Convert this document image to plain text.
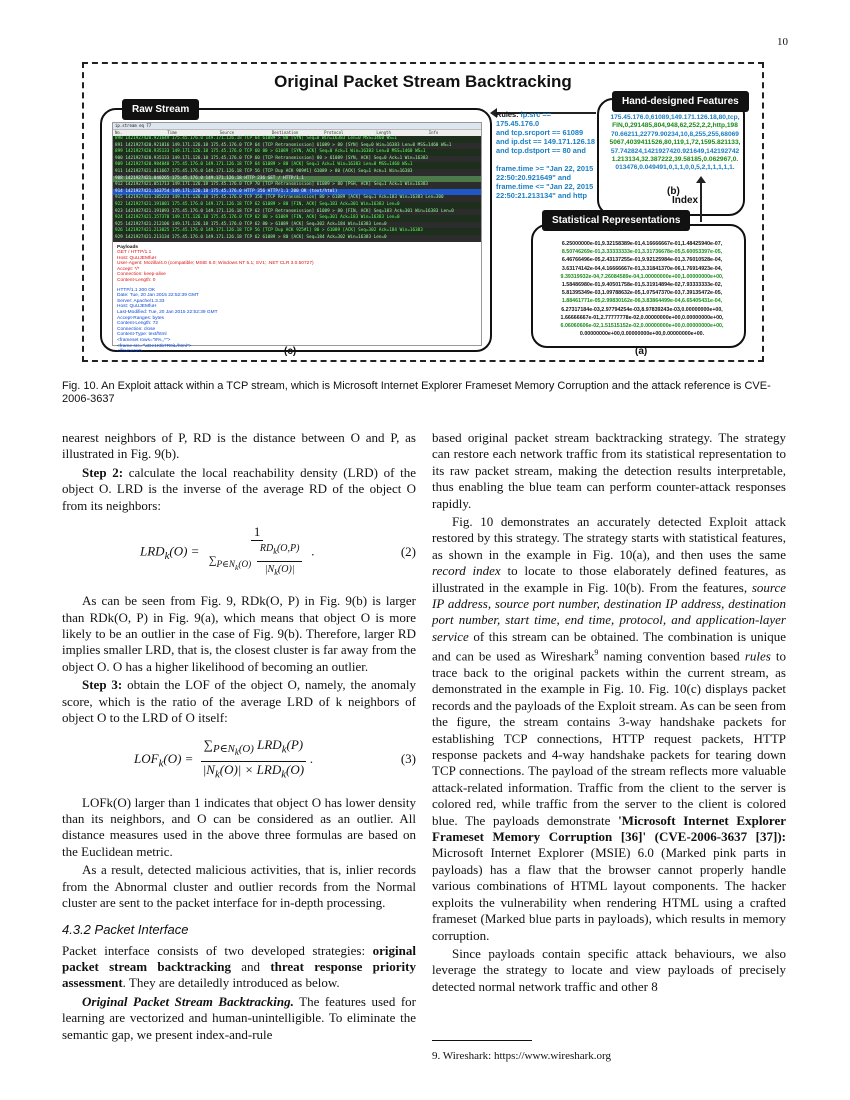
10
Original Packet Stream Backtracking
ip.stream eq 77
No.	Time	Source	Destination	Protocol	Length	Info
890 1421927420.921649 175.45.176.0 149.171.126.18 TCP 64 61089 > 80 [SYN] Seq=0 Win=16383 Len=0 MSS=1460 WS=1
891 1421927420.921816 149.171.126.18 175.45.176.0 TCP 64 [TCP Retransmission] 61089 > 80 [SYN] Seq=0 Win=16383 Len=0 MSS=1460 WS=1
899 1421927420.935133 149.171.126.18 175.45.176.0 TCP 60 80 > 61089 [SYN, ACK] Seq=0 Ack=1 Win=16383 Len=0 MSS=1460 WS=1
900 1421927420.935133 149.171.126.18 175.45.176.0 TCP 60 [TCP Retransmission] 80 > 61089 [SYN, ACK] Seq=0 Ack=1 Win=16383
909 1421927420.984840 175.45.176.0 149.171.126.18 TCP 64 61089 > 80 [ACK] Seq=1 Ack=1 Win=16383 Len=0 MSS=1460 WS=1
911 1421927421.011667 175.45.176.0 149.171.126.18 TCP 56 [TCP Dup ACK 909#1] 61089 > 80 [ACK] Seq=1 Ack=1 Win=16383
908 1421927421.040265 175.45.176.0 149.171.126.18 HTTP 236 GET / HTTP/1.1
912 1421927421.051713 149.171.126.18 175.45.176.0 TCP 70 [TCP Retransmission] 61089 > 80 [PSH, ACK] Seq=1 Ack=1 Win=16383
914 1421927421.163754 149.171.126.18 175.45.176.0 HTTP 356 HTTP/1.1 200 OK (text/html)
915 1421927421.185233 149.171.126.18 175.45.176.0 TCP 356 [TCP Retransmission] 80 > 61089 [ACK] Seq=1 Ack=183 Win=16383 Len=300
922 1421927421.191001 175.45.176.0 149.171.126.18 TCP 62 61089 > 80 [FIN, ACK] Seq=183 Ack=301 Win=16383 Len=0
923 1421927421.191093 175.45.176.0 149.171.126.18 TCP 62 [TCP Retransmission] 61089 > 80 [FIN, ACK] Seq=183 Ack=301 Win=16383 Len=0
924 1421927421.157370 149.171.126.18 175.45.176.0 TCP 62 80 > 61089 [FIN, ACK] Seq=301 Ack=183 Win=16383 Len=0
925 1421927421.212106 149.171.126.18 175.45.176.0 TCP 62 80 > 61089 [ACK] Seq=302 Ack=184 Win=16383 Len=0
926 1421927421.213025 175.45.176.0 149.171.126.18 TCP 56 [TCP Dup ACK 925#1] 80 > 61089 [ACK] Seq=302 Ack=184 Win=16383
929 1421927421.213134 175.45.176.0 149.171.126.18 TCP 62 61089 > 80 [ACK] Seq=184 Ack=302 Win=16383 Len=0
Payloads
GET / HTTP/1.1
Host: QuUJEMfuH
User-Agent: Mozilla/4.0 (compatible; MSIE 6.0; Windows NT 5.1; SV1; .NET CLR 3.0.50727)
Accept: */*
Connection: keep-alive
Content-Length: 0
HTTP/1.1 200 OK
Date: Tue, 20 Jan 2015 22:52:39 GMT
Server: Apache/1.3.33
Host: QuUJEMfuH
Last-Modified: Tue, 20 Jan 2015 22:52:39 GMT
Accept-Ranges: bytes
Content-Length: 72
Connection: close
Content-Type: text/html
<frameset rows="8%,,*">
<frame src="\xDe1Ktb7R0iL/html">
</frameset>
Raw Stream
(c)
Rules: ip.src == 175.45.176.0
and tcp.srcport == 61089
and ip.dst == 149.171.126.18
and tcp.dstport == 80 and

frame.time >= "Jan 22, 2015
22:50:20.921649" and
frame.time <= "Jan 22, 2015
22:50:21.213134" and http
175.45.176.0,61089,149.171.126.18,80,tcp,
FIN,0,291485,804,948,62,252,2,2,http,198
70.66211,22779.90234,10,8,255,255,68069
5067,4039411526,80,119,1,72,1595.821133,
57.742824,1421927420.921649,142192742
1.213134,32.387222,39.58185,0.062967,0.
013476,0.049491,0,1,1,0,0,5,2,1,1,1,1,1.
Hand-designed Features
(b)
Index
6.25000000e-01,9.32158389e-01,4.16666667e-01,1.48425940e-07,
8.50746269e-01,3.33333333e-01,3.31736678e-05,5.60053397e-05,
6.46766496e-05,2.43137255e-01,9.92125984e-01,3.76010528e-04,
3.63174142e-04,4.16666667e-01,3.31841370e-06,1.76914923e-04,
9.39319932e-04,7.26084589e-04,1.00000000e+00,1.00000000e+00,
1.58486980e-01,9.40501758e-01,5.31914894e-02,7.93333333e-02,
5.81395349e-03,1.09788632e-05,1.07547370e-03,7.39135472e-05,
1.88461771e-05,2.99830162e-06,3.83864499e-04,6.65405431e-04,
6.27317184e-03,2.97794254e-03,8.97839243e-03,0.00000000e+00,
1.66666667e-01,2.77777778e-02,0.00000000e+00,0.00000000e+00,
6.06060606e-02,1.51515152e-02,0.00000000e+00,0.00000000e+00,
0.00000000e+00,0.00000000e+00,0.00000000e+00.
Statistical Representations
(a)
Fig. 10. An Exploit attack within a TCP stream, which is Microsoft Internet Explorer Frameset Memory Corruption and the attack reference is CVE-2006-3637

nearest neighbors of P, RD is the distance between O and P, as illustrated in Fig. 9(b).

Step 2: calculate the local reachability density (LRD) of the object O. LRD is the inverse of the average RD of the object O from its neighbors:

$LRD_k(O) = \frac{1}{\sum_{P\in N_k(O)} \frac{RD_k(O,P)}{|N_k(O)|}}$ .	(2)

As can be seen from Fig. 9, RDk(O, P) in Fig. 9(b) is larger than RDk(O, P) in Fig. 9(a), which means that object O is more likely to be an outlier in the case of Fig. 9(b). Therefore, larger RD implies smaller LRD, that is, the closest cluster is far away from the object O. O has a higher likelihood of becoming an outlier.

Step 3: obtain the LOF of the object O, namely, the anomaly score, which is the ratio of the average LRD of k neighbors of object O to the LRD of O itself:

$LOF_k(O) = \frac{\sum_{P\in N_k(O)} LRD_k(P)}{|N_k(O)| \times LRD_k(O)}$ .	(3)

LOFk(O) larger than 1 indicates that object O has lower density than its neighbors, and O can be considered as an outlier. All distance measures used in the above three formulas are based on the Euclidean metric.

As a result, detected malicious activities, that is, inlier records from the Abnormal cluster and outlier records from the Normal cluster are sent to the packet interface for in-depth processing.

4.3.2 Packet Interface

Packet interface consists of two developed strategies: original packet stream backtracking and threat response priority assessment. They are detailedly introduced as below.

Original Packet Stream Backtracking. The features used for learning are vectorized and human-unintelligible. To eliminate the semantic gap, we present index-and-rule

based original packet stream backtracking strategy. The strategy can restore each network traffic from its statistical representation to its raw packet stream, making the detection results interpretable, thus enabling the blue team can perform counter-attack responses rapidly.

Fig. 10 demonstrates an accurately detected Exploit attack restored by this strategy. The strategy starts with statistical features, as shown in the example in Fig. 10(a), and then uses the same record index to locate to those elaborately defined features, as illustrated in the example in Fig. 10(b). From the features, source IP address, source port number, destination IP address, destination port number, start time, end time, protocol, and application-layer service of this stream can be obtained. The combination is unique and can be used as Wireshark$^9$ naming convention based rules to trace back to the original packets within the current stream, as demonstrated in the example in Fig. 10. Fig. 10(c) displays packet records and the payloads of the Exploit stream. As can be seen from the figure, the stream contains 3-way handshake packets for establishing TCP connections, HTTP request packets, HTTP response packets and 4-way handshake packets for tearing down TCP connections. The payload of the stream reflects more valuable attack-related information. Traffic from the client to the server is colored red, while traffic from the server to the client is colored blue. The payloads demonstrate 'Microsoft Internet Explorer Frameset Memory Corruption [36]' (CVE-2006-3637 [37]): Microsoft Internet Explorer (MSIE) 6.0 (Marked pink parts in payloads) has a flaw that the browser cannot properly handle various combinations of HTML layout components. The hacker exploits the vulnerability when rendering HTML using a crafted frameset (Marked blue parts in payloads), which results in memory corruption.

Since payloads contain specific attack behaviours, we also leverage the strategy to locate and view payloads of precisely detected normal network traffic and other 8

9. Wireshark: https://www.wireshark.org
